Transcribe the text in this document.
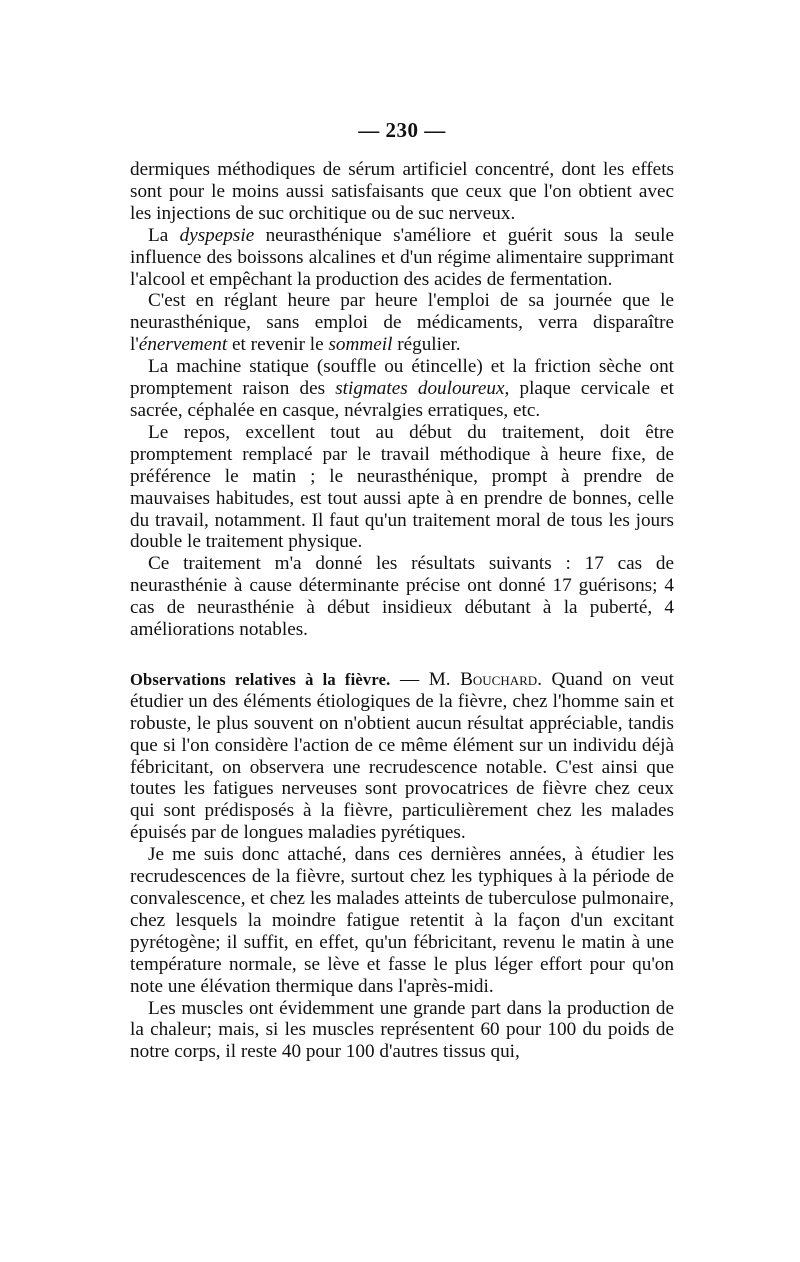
— 230 —

dermiques méthodiques de sérum artificiel concentré, dont les effets sont pour le moins aussi satisfaisants que ceux que l'on obtient avec les injections de suc orchitique ou de suc nerveux.

La dyspepsie neurasthénique s'améliore et guérit sous la seule influence des boissons alcalines et d'un régime alimentaire supprimant l'alcool et empêchant la production des acides de fermentation.

C'est en réglant heure par heure l'emploi de sa journée que le neurasthénique, sans emploi de médicaments, verra disparaître l'énervement et revenir le sommeil régulier.

La machine statique (souffle ou étincelle) et la friction sèche ont promptement raison des stigmates douloureux, plaque cervicale et sacrée, céphalée en casque, névralgies erratiques, etc.

Le repos, excellent tout au début du traitement, doit être promptement remplacé par le travail méthodique à heure fixe, de préférence le matin ; le neurasthénique, prompt à prendre de mauvaises habitudes, est tout aussi apte à en prendre de bonnes, celle du travail, notamment. Il faut qu'un traitement moral de tous les jours double le traitement physique.

Ce traitement m'a donné les résultats suivants : 17 cas de neurasthénie à cause déterminante précise ont donné 17 guérisons; 4 cas de neurasthénie à début insidieux débutant à la puberté, 4 améliorations notables.

Observations relatives à la fièvre. — M. Bouchard. Quand on veut étudier un des éléments étiologiques de la fièvre, chez l'homme sain et robuste, le plus souvent on n'obtient aucun résultat appréciable, tandis que si l'on considère l'action de ce même élément sur un individu déjà fébricitant, on observera une recrudescence notable. C'est ainsi que toutes les fatigues nerveuses sont provocatrices de fièvre chez ceux qui sont prédisposés à la fièvre, particulièrement chez les malades épuisés par de longues maladies pyrétiques.

Je me suis donc attaché, dans ces dernières années, à étudier les recrudescences de la fièvre, surtout chez les typhiques à la période de convalescence, et chez les malades atteints de tuberculose pulmonaire, chez lesquels la moindre fatigue retentit à la façon d'un excitant pyrétogène; il suffit, en effet, qu'un fébricitant, revenu le matin à une température normale, se lève et fasse le plus léger effort pour qu'on note une élévation thermique dans l'après-midi.

Les muscles ont évidemment une grande part dans la production de la chaleur; mais, si les muscles représentent 60 pour 100 du poids de notre corps, il reste 40 pour 100 d'autres tissus qui,
